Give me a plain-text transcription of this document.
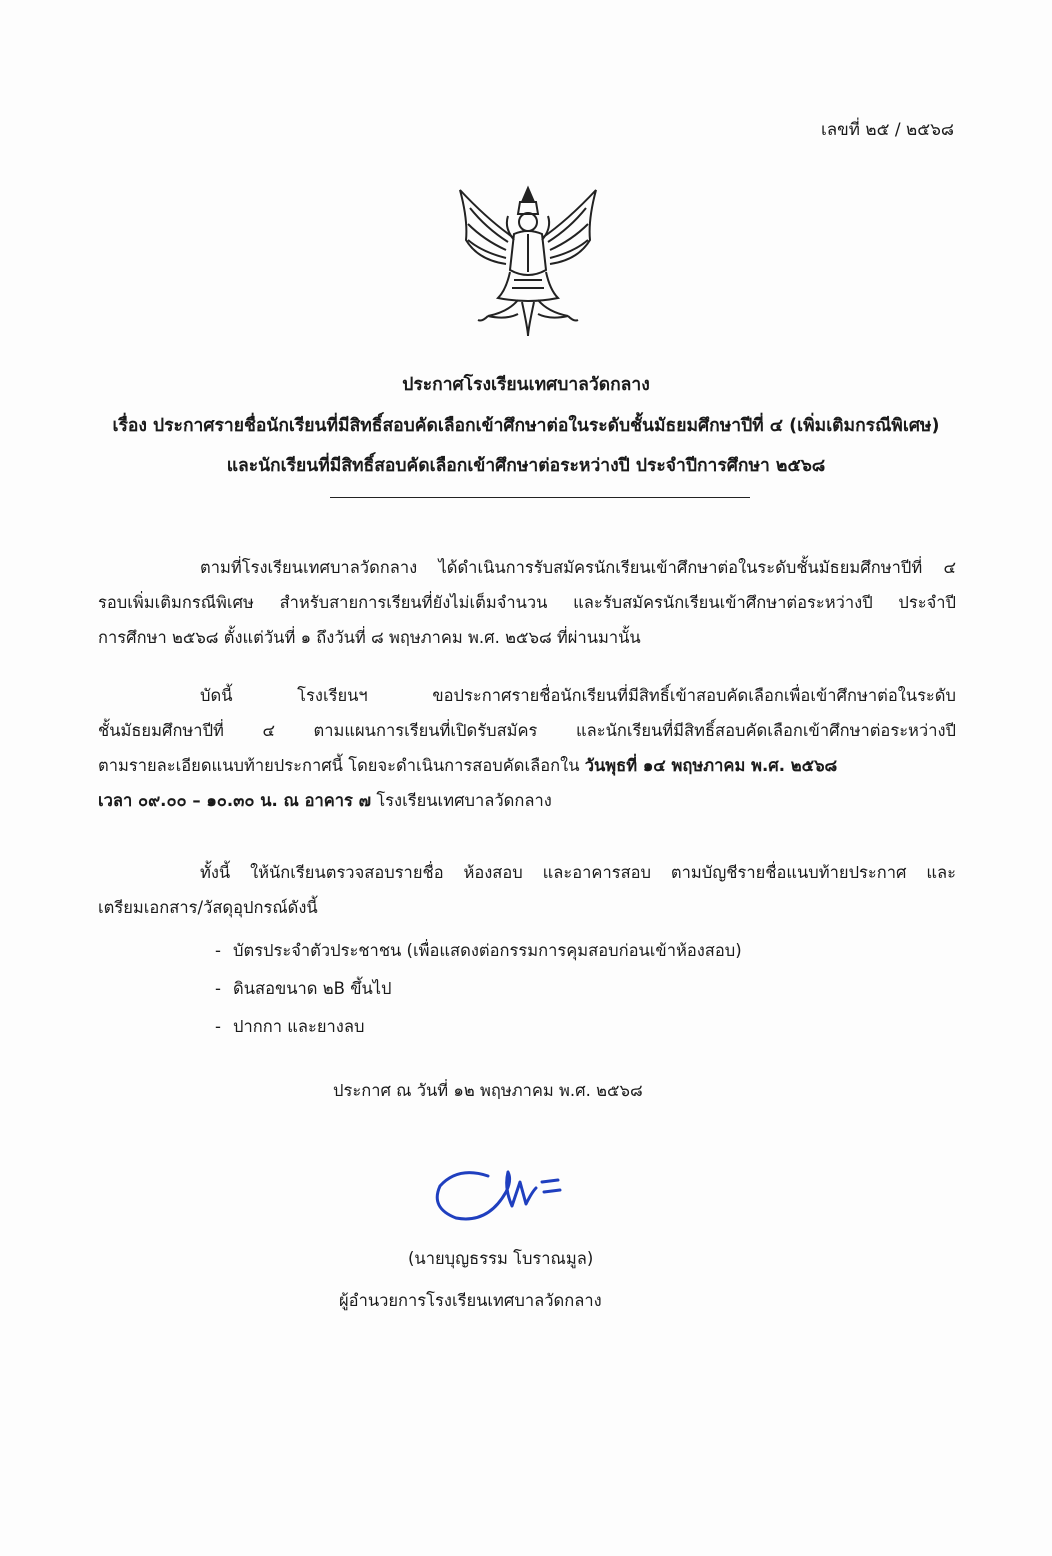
เลขที่ ๒๕ / ๒๕๖๘
ประกาศโรงเรียนเทศบาลวัดกลาง
เรื่อง ประกาศรายชื่อนักเรียนที่มีสิทธิ์สอบคัดเลือกเข้าศึกษาต่อในระดับชั้นมัธยมศึกษาปีที่ ๔ (เพิ่มเติมกรณีพิเศษ)
และนักเรียนที่มีสิทธิ์สอบคัดเลือกเข้าศึกษาต่อระหว่างปี ประจำปีการศึกษา ๒๕๖๘
ตามที่โรงเรียนเทศบาลวัดกลาง ได้ดำเนินการรับสมัครนักเรียนเข้าศึกษาต่อในระดับชั้นมัธยมศึกษาปีที่ ๔
รอบเพิ่มเติมกรณีพิเศษ สำหรับสายการเรียนที่ยังไม่เต็มจำนวน และรับสมัครนักเรียนเข้าศึกษาต่อระหว่างปี ประจำปี
การศึกษา ๒๕๖๘ ตั้งแต่วันที่ ๑ ถึงวันที่ ๘ พฤษภาคม พ.ศ. ๒๕๖๘ ที่ผ่านมานั้น
บัดนี้ โรงเรียนฯ ขอประกาศรายชื่อนักเรียนที่มีสิทธิ์เข้าสอบคัดเลือกเพื่อเข้าศึกษาต่อในระดับ
ชั้นมัธยมศึกษาปีที่ ๔ ตามแผนการเรียนที่เปิดรับสมัคร และนักเรียนที่มีสิทธิ์สอบคัดเลือกเข้าศึกษาต่อระหว่างปี
ตามรายละเอียดแนบท้ายประกาศนี้ โดยจะดำเนินการสอบคัดเลือกใน วันพุธที่ ๑๔ พฤษภาคม พ.ศ. ๒๕๖๘
เวลา ๐๙.๐๐ – ๑๐.๓๐ น. ณ อาคาร ๗ โรงเรียนเทศบาลวัดกลาง
ทั้งนี้ ให้นักเรียนตรวจสอบรายชื่อ ห้องสอบ และอาคารสอบ ตามบัญชีรายชื่อแนบท้ายประกาศ และ
เตรียมเอกสาร/วัสดุอุปกรณ์ดังนี้
- บัตรประจำตัวประชาชน (เพื่อแสดงต่อกรรมการคุมสอบก่อนเข้าห้องสอบ)
- ดินสอขนาด ๒B ขึ้นไป
- ปากกา และยางลบ
ประกาศ ณ วันที่ ๑๒ พฤษภาคม พ.ศ. ๒๕๖๘
(นายบุญธรรม โบราณมูล)
ผู้อำนวยการโรงเรียนเทศบาลวัดกลาง
